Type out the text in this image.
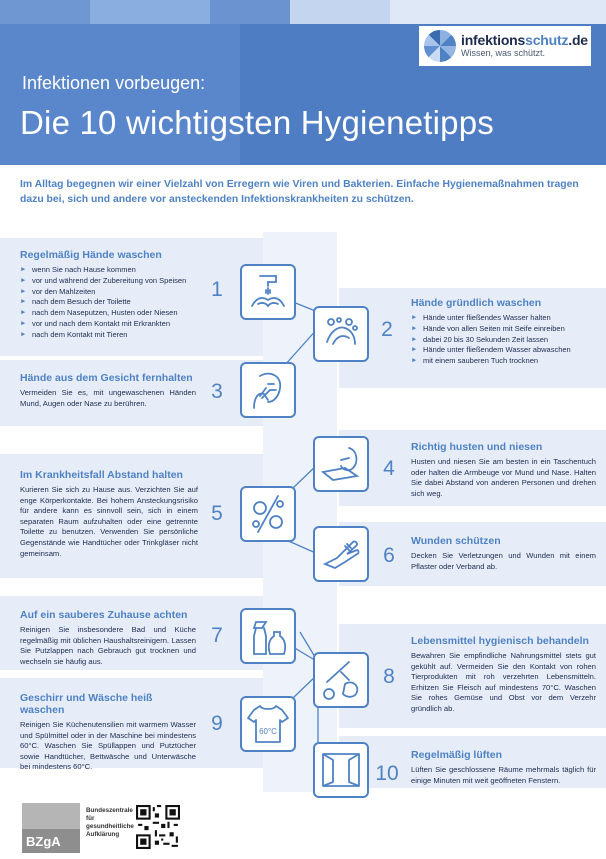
infektionsschutz.de
Wissen, was schützt.
Infektionen vorbeugen:
Die 10 wichtigsten Hygienetipps
Im Alltag begegnen wir einer Vielzahl von Erregern wie Viren und Bakterien. Einfache Hygienemaßnahmen tragen dazu bei, sich und andere vor ansteckenden Infektionskrankheiten zu schützen.
Regelmäßig Hände waschen
► wenn Sie nach Hause kommen
► vor und während der Zubereitung von Speisen
► vor den Mahlzeiten
► nach dem Besuch der Toilette
► nach dem Naseputzen, Husten oder Niesen
► vor und nach dem Kontakt mit Erkrankten
► nach dem Kontakt mit Tieren
1
2
Hände gründlich waschen
► Hände unter fließendes Wasser halten
► Hände von allen Seiten mit Seife einreiben
► dabei 20 bis 30 Sekunden Zeit lassen
► Hände unter fließendem Wasser abwaschen
► mit einem sauberen Tuch trocknen
Hände aus dem Gesicht fernhalten

Vermeiden Sie es, mit ungewaschenen Händen Mund, Augen oder Nase zu berühren.

3
4
Richtig husten und niesen

Husten und niesen Sie am besten in ein Taschentuch oder halten die Armbeuge vor Mund und Nase. Halten Sie dabei Abstand von anderen Personen und drehen sich weg.

Im Krankheitsfall Abstand halten

Kurieren Sie sich zu Hause aus. Verzichten Sie auf enge Körperkontakte. Bei hohem Ansteckungsrisiko für andere kann es sinnvoll sein, sich in einem separaten Raum aufzuhalten oder eine getrennte Toilette zu benutzen. Verwenden Sie persönliche Gegenstände wie Handtücher oder Trinkgläser nicht gemeinsam.

5
6
Wunden schützen

Decken Sie Verletzungen und Wunden mit einem Pflaster oder Verband ab.

Auf ein sauberes Zuhause achten

Reinigen Sie insbesondere Bad und Küche regelmäßig mit üblichen Haushaltsreinigern. Lassen Sie Putzlappen nach Gebrauch gut trocknen und wechseln sie häufig aus.

7
8
Lebensmittel hygienisch behandeln

Bewahren Sie empfindliche Nahrungsmittel stets gut gekühlt auf. Vermeiden Sie den Kontakt von rohen Tierprodukten mit roh verzehrten Lebensmitteln. Erhitzen Sie Fleisch auf mindestens 70°C. Waschen Sie rohes Gemüse und Obst vor dem Verzehr gründlich ab.

Geschirr und Wäsche heiß waschen

Reinigen Sie Küchenutensilien mit warmem Wasser und Spülmittel oder in der Maschine bei mindestens 60°C. Waschen Sie Spüllappen und Putztücher sowie Handtücher, Bettwäsche und Unterwäsche bei mindestens 60°C.

9	60°C
10
Regelmäßig lüften

Lüften Sie geschlossene Räume mehrmals täglich für einige Minuten mit weit geöffneten Fenstern.

BZgA
Bundeszentrale
für
gesundheitliche
Aufklärung
